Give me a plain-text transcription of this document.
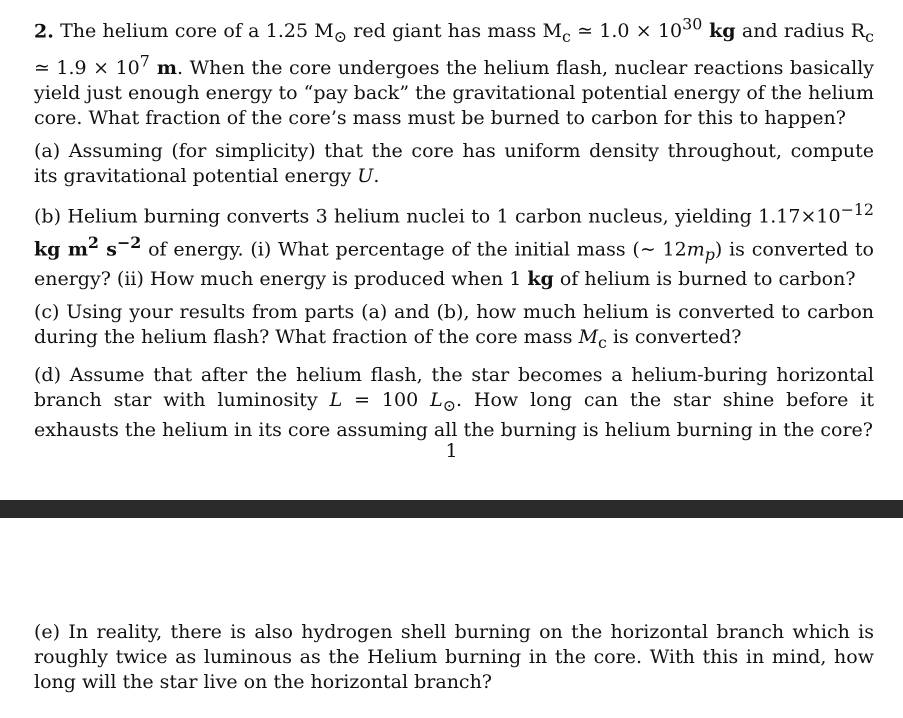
2. The helium core of a 1.25 $M_⊙$ red giant has mass $M_c$ ≃ $1.0 \times 10^{30}$ kg and radius $R_c$ ≃ $1.9 \times 10^7$ m. When the core undergoes the helium flash, nuclear reactions basically yield just enough energy to “pay back” the gravitational potential energy of the helium core. What fraction of the core’s mass must be burned to carbon for this to happen?

(a) Assuming (for simplicity) that the core has uniform density throughout, compute its gravitational potential energy U.

(b) Helium burning converts 3 helium nuclei to 1 carbon nucleus, yielding $1.17\times 10^{-12}$ kg $m^2$ $s^{-2}$ of energy. (i) What percentage of the initial mass (∼ $12m_p$) is converted to energy? (ii) How much energy is produced when 1 kg of helium is burned to carbon?

(c) Using your results from parts (a) and (b), how much helium is converted to carbon during the helium flash? What fraction of the core mass $M_c$ is converted?

(d) Assume that after the helium flash, the star becomes a helium-buring horizontal branch star with luminosity L = 100 $L_⊙$. How long can the star shine before it exhausts the helium in its core assuming all the burning is helium burning in the core?

1
(e) In reality, there is also hydrogen shell burning on the horizontal branch which is roughly twice as luminous as the Helium burning in the core. With this in mind, how long will the star live on the horizontal branch?
